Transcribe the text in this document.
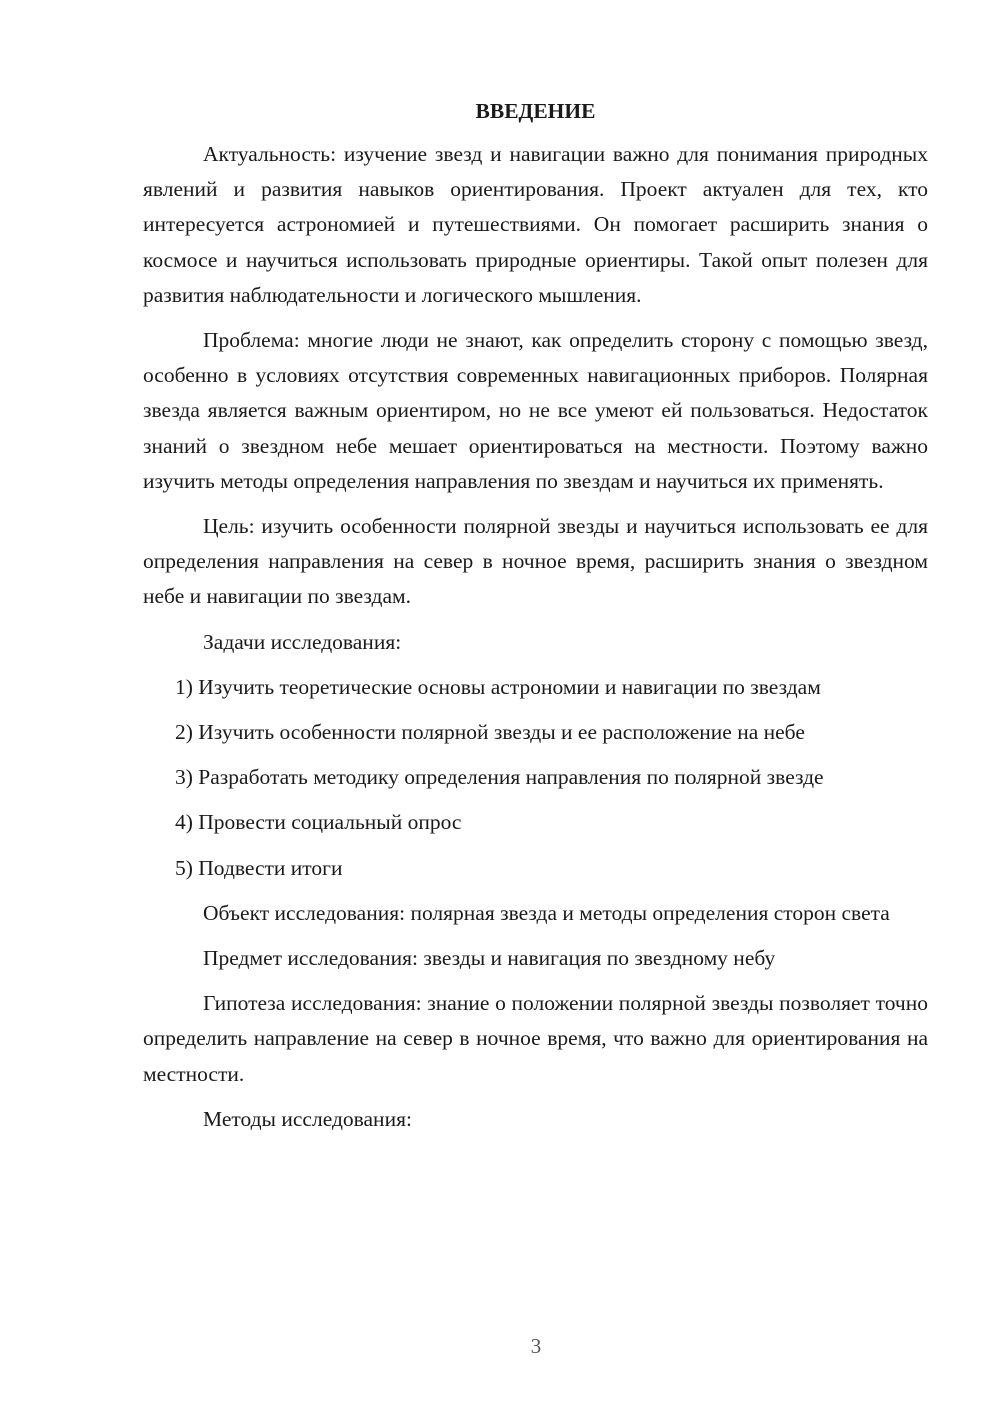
ВВЕДЕНИЕ

Актуальность: изучение звезд и навигации важно для понимания природных явлений и развития навыков ориентирования. Проект актуален для тех, кто интересуется астрономией и путешествиями. Он помогает расширить знания о космосе и научиться использовать природные ориентиры. Такой опыт полезен для развития наблюдательности и логического мышления.

Проблема: многие люди не знают, как определить сторону с помощью звезд, особенно в условиях отсутствия современных навигационных приборов. Полярная звезда является важным ориентиром, но не все умеют ей пользоваться. Недостаток знаний о звездном небе мешает ориентироваться на местности. Поэтому важно изучить методы определения направления по звездам и научиться их применять.

Цель: изучить особенности полярной звезды и научиться использовать ее для определения направления на север в ночное время, расширить знания о звездном небе и навигации по звездам.

Задачи исследования:

1) Изучить теоретические основы астрономии и навигации по звездам

2) Изучить особенности полярной звезды и ее расположение на небе

3) Разработать методику определения направления по полярной звезде

4) Провести социальный опрос

5) Подвести итоги

Объект исследования: полярная звезда и методы определения сторон света

Предмет исследования: звезды и навигация по звездному небу

Гипотеза исследования: знание о положении полярной звезды позволяет точно определить направление на север в ночное время, что важно для ориентирования на местности.

Методы исследования:

3
